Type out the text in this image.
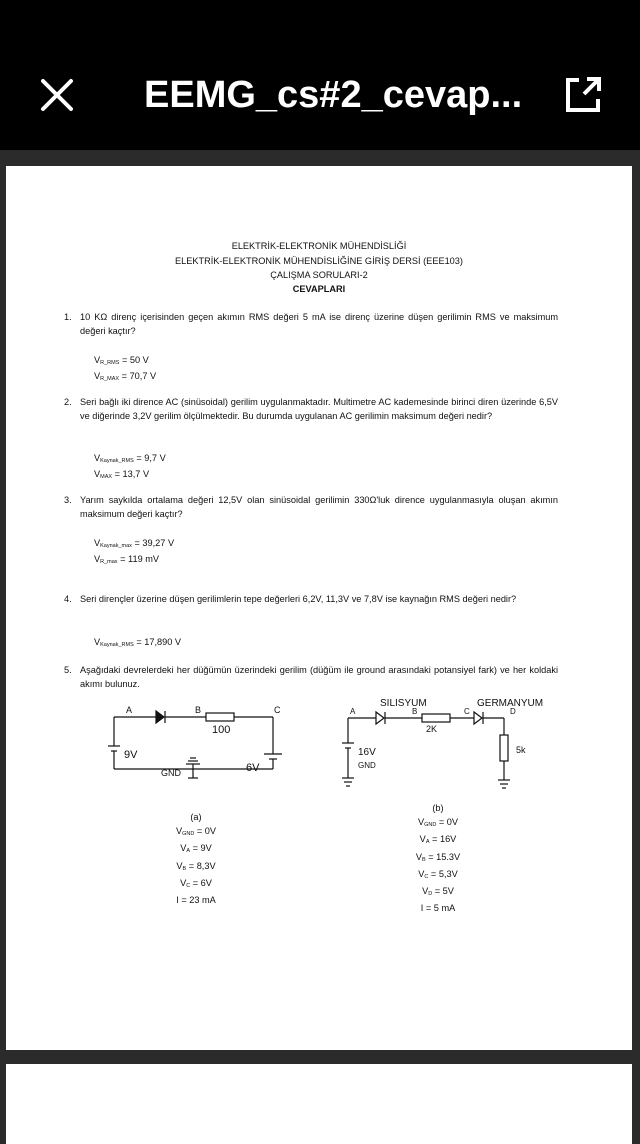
EEMG_cs#2_cevap...
ELEKTRİK-ELEKTRONİK MÜHENDİSLİĞİ
ELEKTRİK-ELEKTRONİK MÜHENDİSLİĞİNE GİRİŞ DERSİ (EEE103)
ÇALIŞMA SORULARI-2
CEVAPLARI
1. 10 KΩ direnç içerisinden geçen akımın RMS değeri 5 mA ise direnç üzerine düşen gerilimin RMS ve maksimum değeri kaçtır?
$V_{R\_RMS} = 50$ V
$V_{R\_MAX} = 70,7$ V
2. Seri bağlı iki dirence AC (sinüsoidal) gerilim uygulanmaktadır. Multimetre AC kademesinde birinci diren üzerinde 6,5V ve diğerinde 3,2V gerilim ölçülmektedir. Bu durumda uygulanan AC gerilimin maksimum değeri nedir?
$V_{Kaynak\_RMS} = 9,7$ V
$V_{MAX} = 13,7$ V
3. Yarım saykılda ortalama değeri 12,5V olan sinüsoidal gerilimin 330Ω'luk dirence uygulanmasıyla oluşan akımın maksimum değeri kaçtır?
$V_{Kaynak\_max} = 39,27$ V
$V_{R\_max} = 119$ mV
4. Seri dirençler üzerine düşen gerilimlerin tepe değerleri 6,2V, 11,3V ve 7,8V ise kaynağın RMS değeri nedir?
$V_{Kaynak\_RMS} = 17,890$ V
5. Aşağıdaki devrelerdeki her düğümün üzerindeki gerilim (düğüm ile ground arasındaki potansiyel fark) ve her koldaki akımı bulunuz.
A	B	C
100
9V
6V
GND
SILISYUM	GERMANYUM
A	B	C	D
2K
5k
16V
GND
(a)
$V_{GND} = 0V$
$V_A = 9V$
$V_B = 8,3V$
$V_C = 6V$
I = 23 mA
(b)
$V_{GND} = 0V$
$V_A = 16V$
$V_B = 15.3V$
$V_C = 5,3V$
$V_D = 5V$
I = 5 mA
